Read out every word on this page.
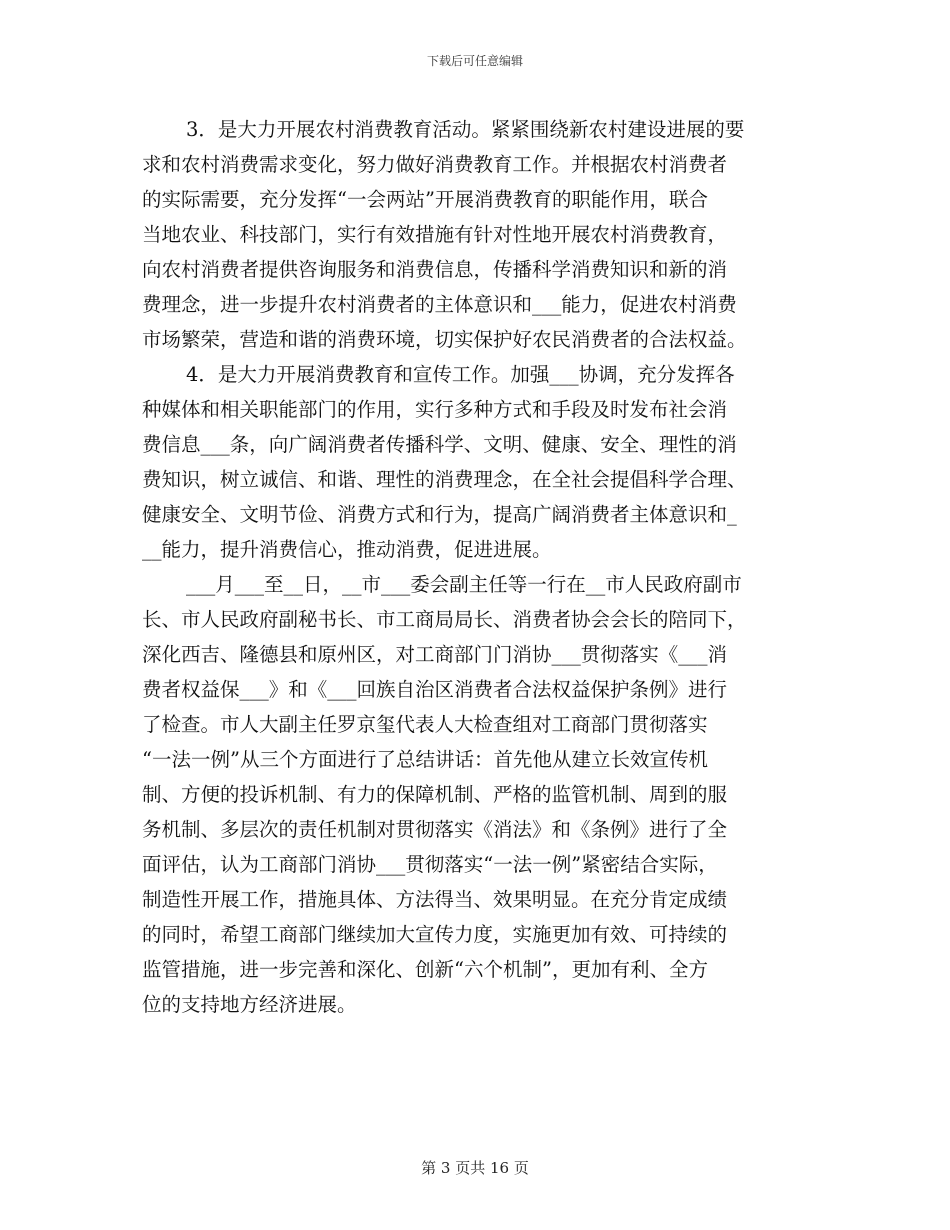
下载后可任意编辑
3．是大力开展农村消费教育活动。紧紧围绕新农村建设进展的要
求和农村消费需求变化，努力做好消费教育工作。并根据农村消费者
的实际需要，充分发挥“一会两站”开展消费教育的职能作用，联合
当地农业、科技部门，实行有效措施有针对性地开展农村消费教育，
向农村消费者提供咨询服务和消费信息，传播科学消费知识和新的消
费理念，进一步提升农村消费者的主体意识和___能力，促进农村消费
市场繁荣，营造和谐的消费环境，切实保护好农民消费者的合法权益。
4．是大力开展消费教育和宣传工作。加强___协调，充分发挥各
种媒体和相关职能部门的作用，实行多种方式和手段及时发布社会消
费信息___条，向广阔消费者传播科学、文明、健康、安全、理性的消
费知识，树立诚信、和谐、理性的消费理念，在全社会提倡科学合理、
健康安全、文明节俭、消费方式和行为，提高广阔消费者主体意识和_
__能力，提升消费信心，推动消费，促进进展。
___月___至__日，__市___委会副主任等一行在__市人民政府副市
长、市人民政府副秘书长、市工商局局长、消费者协会会长的陪同下，
深化西吉、隆德县和原州区，对工商部门门消协___贯彻落实《___消
费者权益保___》和《___回族自治区消费者合法权益保护条例》进行
了检查。市人大副主任罗京玺代表人大检查组对工商部门贯彻落实
“一法一例”从三个方面进行了总结讲话：首先他从建立长效宣传机
制、方便的投诉机制、有力的保障机制、严格的监管机制、周到的服
务机制、多层次的责任机制对贯彻落实《消法》和《条例》进行了全
面评估，认为工商部门消协___贯彻落实“一法一例”紧密结合实际，
制造性开展工作，措施具体、方法得当、效果明显。在充分肯定成绩
的同时，希望工商部门继续加大宣传力度，实施更加有效、可持续的
监管措施，进一步完善和深化、创新“六个机制”，更加有利、全方
位的支持地方经济进展。
第 3 页共 16 页
